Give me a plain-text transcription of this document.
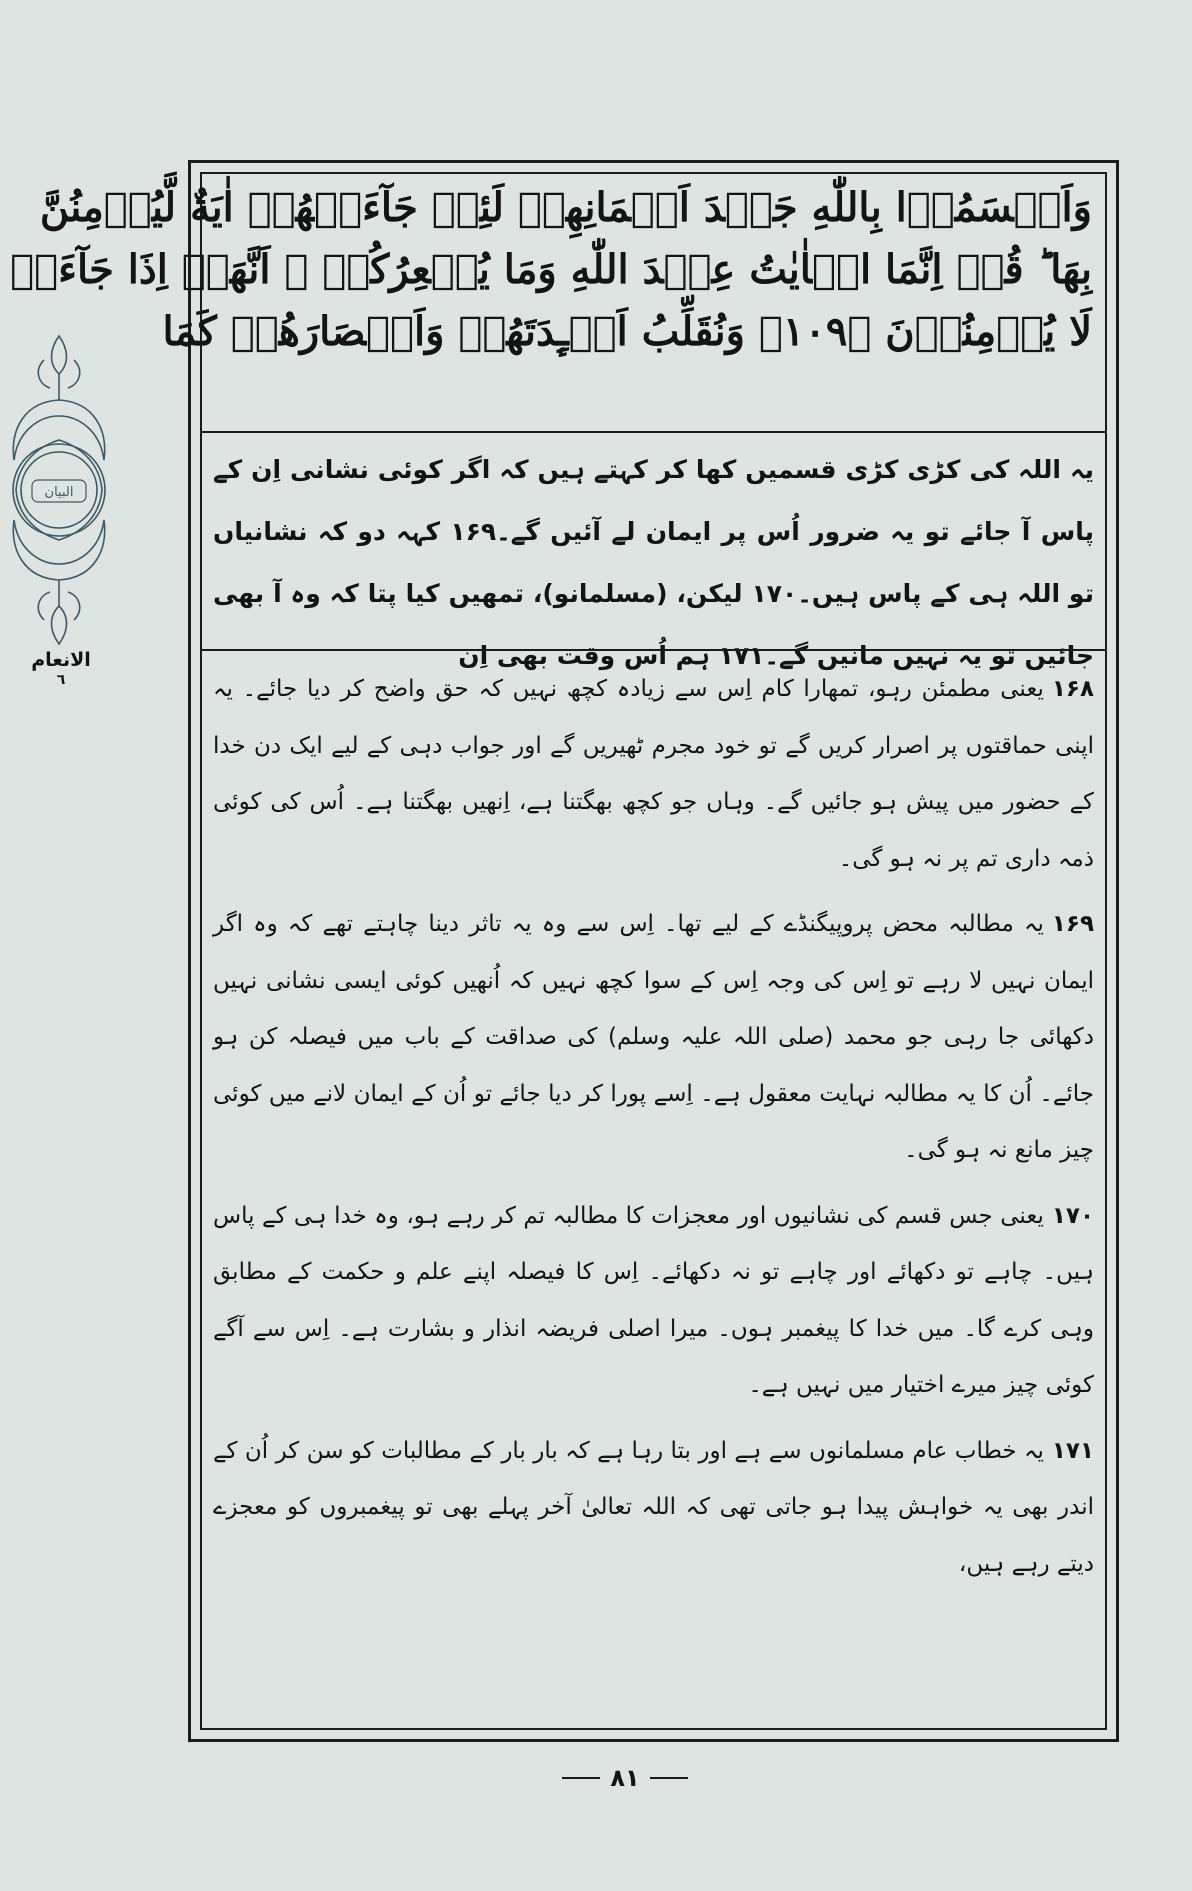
البیان
الانعام
٦
وَاَقۡسَمُوۡا بِاللّٰهِ جَهۡدَ اَيۡمَانِهِمۡ لَئِنۡ جَآءَتۡهُمۡ اٰيَةٌ لَّيُؤۡمِنُنَّ
بِهَا ؕ قُلۡ اِنَّمَا الۡاٰيٰتُ عِنۡدَ اللّٰهِ وَمَا يُشۡعِرُكُمۡ ۙ اَنَّهَاۤ اِذَا جَآءَتۡ
لَا يُؤۡمِنُوۡنَ ﴿١٠٩﴾ وَنُقَلِّبُ اَفۡـِٕدَتَهُمۡ وَاَبۡصَارَهُمۡ كَمَا
یہ اللہ کی کڑی کڑی قسمیں کھا کر کہتے ہیں کہ اگر کوئی نشانی اِن کے پاس آ جائے تو یہ ضرور اُس پر ایمان لے آئیں گے۔۱۶۹ کہہ دو کہ نشانیاں تو اللہ ہی کے پاس ہیں۔۱۷۰ لیکن، (مسلمانو)، تمھیں کیا پتا کہ وہ آ بھی جائیں تو یہ نہیں مانیں گے۔۱۷۱ ہم اُس وقت بھی اِن

۱۶۸یعنی مطمئن رہو، تمھارا کام اِس سے زیادہ کچھ نہیں کہ حق واضح کر دیا جائے۔ یہ اپنی حماقتوں پر اصرار کریں گے تو خود مجرم ٹھیریں گے اور جواب دہی کے لیے ایک دن خدا کے حضور میں پیش ہو جائیں گے۔ وہاں جو کچھ بھگتنا ہے، اِنھیں بھگتنا ہے۔ اُس کی کوئی ذمہ داری تم پر نہ ہو گی۔

۱۶۹یہ مطالبہ محض پروپیگنڈے کے لیے تھا۔ اِس سے وہ یہ تاثر دینا چاہتے تھے کہ وہ اگر ایمان نہیں لا رہے تو اِس کی وجہ اِس کے سوا کچھ نہیں کہ اُنھیں کوئی ایسی نشانی نہیں دکھائی جا رہی جو محمد (صلی اللہ علیہ وسلم) کی صداقت کے باب میں فیصلہ کن ہو جائے۔ اُن کا یہ مطالبہ نہایت معقول ہے۔ اِسے پورا کر دیا جائے تو اُن کے ایمان لانے میں کوئی چیز مانع نہ ہو گی۔

۱۷۰یعنی جس قسم کی نشانیوں اور معجزات کا مطالبہ تم کر رہے ہو، وہ خدا ہی کے پاس ہیں۔ چاہے تو دکھائے اور چاہے تو نہ دکھائے۔ اِس کا فیصلہ اپنے علم و حکمت کے مطابق وہی کرے گا۔ میں خدا کا پیغمبر ہوں۔ میرا اصلی فریضہ انذار و بشارت ہے۔ اِس سے آگے کوئی چیز میرے اختیار میں نہیں ہے۔

۱۷۱یہ خطاب عام مسلمانوں سے ہے اور بتا رہا ہے کہ بار بار کے مطالبات کو سن کر اُن کے اندر بھی یہ خواہش پیدا ہو جاتی تھی کہ اللہ تعالیٰ آخر پہلے بھی تو پیغمبروں کو معجزے دیتے رہے ہیں،

۸۱
